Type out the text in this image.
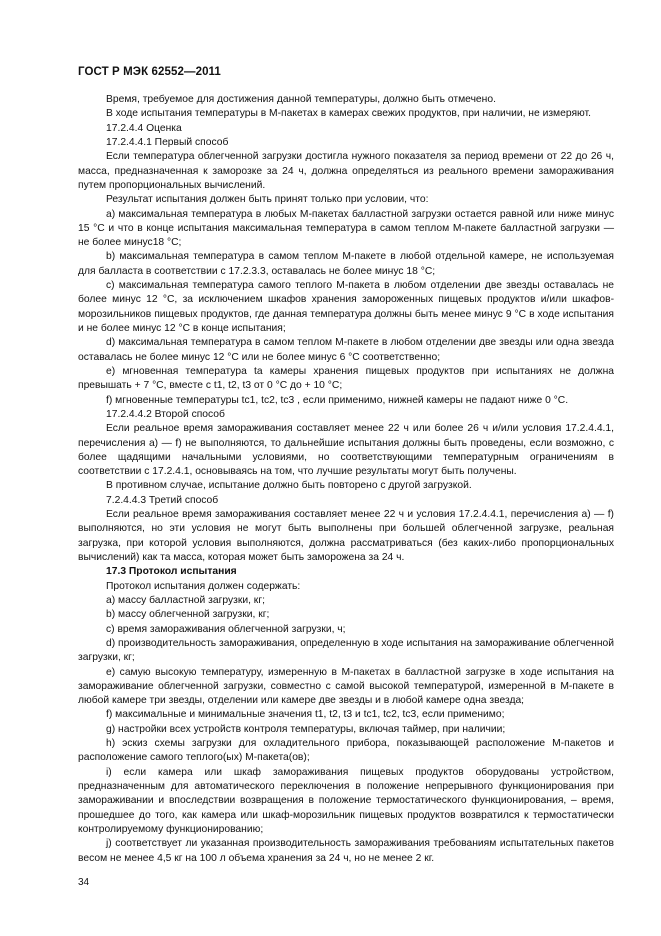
ГОСТ Р МЭК 62552—2011

Время, требуемое для достижения данной температуры, должно быть отмечено.

В ходе испытания температуры в М-пакетах в камерах свежих продуктов, при наличии, не измеряют.

17.2.4.4 Оценка

17.2.4.4.1 Первый способ

Если температура облегченной загрузки достигла нужного показателя за период времени от 22 до 26 ч, масса, предназначенная к заморозке за 24 ч, должна определяться из реального времени замораживания путем пропорциональных вычислений.

Результат испытания должен быть принят только при условии, что:

a) максимальная температура в любых М-пакетах балластной загрузки остается равной или ниже минус 15 °С и что в конце испытания максимальная температура в самом теплом М-пакете балластной загрузки — не более минус18 °С;

b) максимальная температура в самом теплом М-пакете в любой отдельной камере, не используемая для балласта в соответствии с 17.2.3.3, оставалась не более минус 18 °С;

c) максимальная температура самого теплого М-пакета в любом отделении две звезды оставалась не более минус 12 °С, за исключением шкафов хранения замороженных пищевых продуктов и/или шкафов-морозильников пищевых продуктов, где данная температура должны быть менее минус 9 °С в ходе испытания и не более минус 12 °С в конце испытания;

d) максимальная температура в самом теплом М-пакете в любом отделении две звезды или одна звезда оставалась не более минус 12 °С или не более минус 6 °С соответственно;

e) мгновенная температура tа камеры хранения пищевых продуктов при испытаниях не должна превышать + 7 °С, вместе с t1, t2, t3 от 0 °С до + 10 °С;

f) мгновенные температуры tc1, tc2, tc3 , если применимо, нижней камеры не падают ниже 0 °С.

17.2.4.4.2 Второй способ

Если реальное время замораживания составляет менее 22 ч или более 26 ч и/или условия 17.2.4.4.1, перечисления а) — f) не выполняются, то дальнейшие испытания должны быть проведены, если возможно, с более щадящими начальными условиями, но соответствующими температурным ограничениям в соответствии с 17.2.4.1, основываясь на том, что лучшие результаты могут быть получены.

В противном случае, испытание должно быть повторено с другой загрузкой.

7.2.4.4.3 Третий способ

Если реальное время замораживания составляет менее 22 ч и условия 17.2.4.4.1, перечисления а) — f) выполняются, но эти условия не могут быть выполнены при большей облегченной загрузке, реальная загрузка, при которой условия выполняются, должна рассматриваться (без каких-либо пропорциональных вычислений) как та масса, которая может быть заморожена за 24 ч.

17.3 Протокол испытания

Протокол испытания должен содержать:

а) массу балластной загрузки, кг;

b) массу облегченной загрузки, кг;

c) время замораживания облегченной загрузки, ч;

d) производительность замораживания, определенную в ходе испытания на замораживание облегченной загрузки, кг;

e) самую высокую температуру, измеренную в М-пакетах в балластной загрузке в ходе испытания на замораживание облегченной загрузки, совместно с самой высокой температурой, измеренной в М-пакете в любой камере три звезды, отделении или камере две звезды и в любой камере одна звезда;

f) максимальные и минимальные значения t1, t2, t3 и tc1, tc2, tc3, если применимо;

g) настройки всех устройств контроля температуры, включая таймер, при наличии;

h) эскиз схемы загрузки для охладительного прибора, показывающей расположение М-пакетов и расположение самого теплого(ых) М-пакета(ов);

i) если камера или шкаф замораживания пищевых продуктов оборудованы устройством, предназначенным для автоматического переключения в положение непрерывного функционирования при замораживании и впоследствии возвращения в положение термостатического функционирования, – время, прошедшее до того, как камера или шкаф-морозильник пищевых продуктов возвратился к термостатически контролируемому функционированию;

j) соответствует ли указанная производительность замораживания требованиям испытательных пакетов весом не менее 4,5 кг на 100 л объема хранения за 24 ч, но не менее 2 кг.

34
